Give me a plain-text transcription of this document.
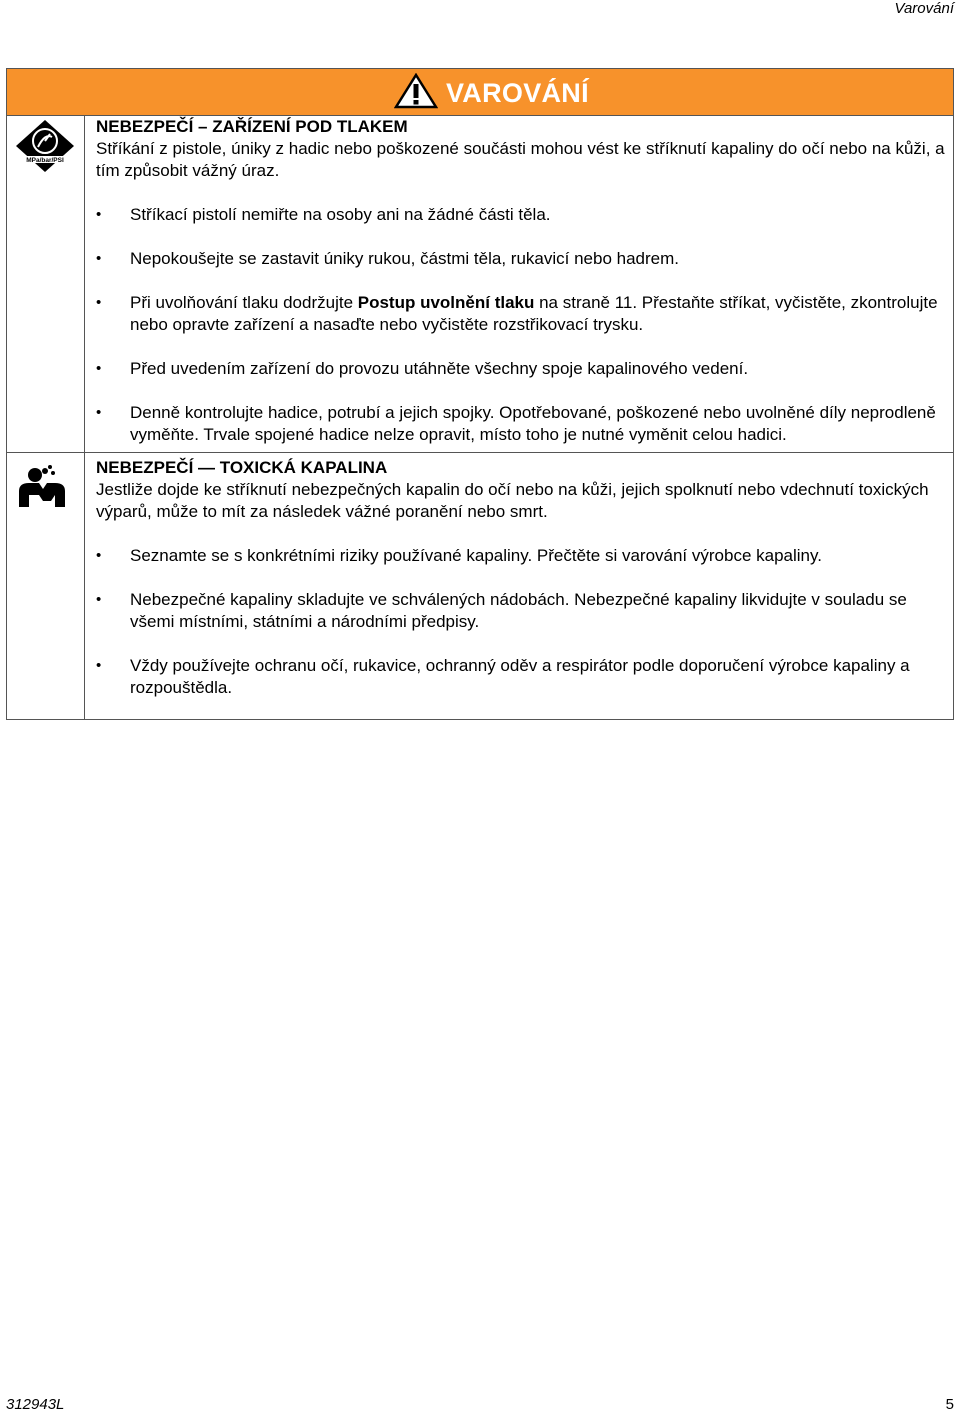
Varování
VAROVÁNÍ
MPa/bar/PSI
NEBEZPEČÍ – ZAŘÍZENÍ POD TLAKEM
Stříkání z pistole, úniky z hadic nebo poškozené součásti mohou vést ke stříknutí kapaliny do očí nebo na kůži, a tím způsobit vážný úraz.
• Stříkací pistolí nemiřte na osoby ani na žádné části těla.
• Nepokoušejte se zastavit úniky rukou, částmi těla, rukavicí nebo hadrem.
• Při uvolňování tlaku dodržujte Postup uvolnění tlaku na straně 11. Přestaňte stříkat, vyčistěte, zkontrolujte nebo opravte zařízení a nasaďte nebo vyčistěte rozstřikovací trysku.
• Před uvedením zařízení do provozu utáhněte všechny spoje kapalinového vedení.
• Denně kontrolujte hadice, potrubí a jejich spojky. Opotřebované, poškozené nebo uvolněné díly neprodleně vyměňte. Trvale spojené hadice nelze opravit, místo toho je nutné vyměnit celou hadici.
NEBEZPEČÍ — TOXICKÁ KAPALINA
Jestliže dojde ke stříknutí nebezpečných kapalin do očí nebo na kůži, jejich spolknutí nebo vdechnutí toxických výparů, může to mít za následek vážné poranění nebo smrt.
• Seznamte se s konkrétními riziky používané kapaliny. Přečtěte si varování výrobce kapaliny.
• Nebezpečné kapaliny skladujte ve schválených nádobách. Nebezpečné kapaliny likvidujte v souladu se všemi místními, státními a národními předpisy.
• Vždy používejte ochranu očí, rukavice, ochranný oděv a respirátor podle doporučení výrobce kapaliny a rozpouštědla.
312943L	5
